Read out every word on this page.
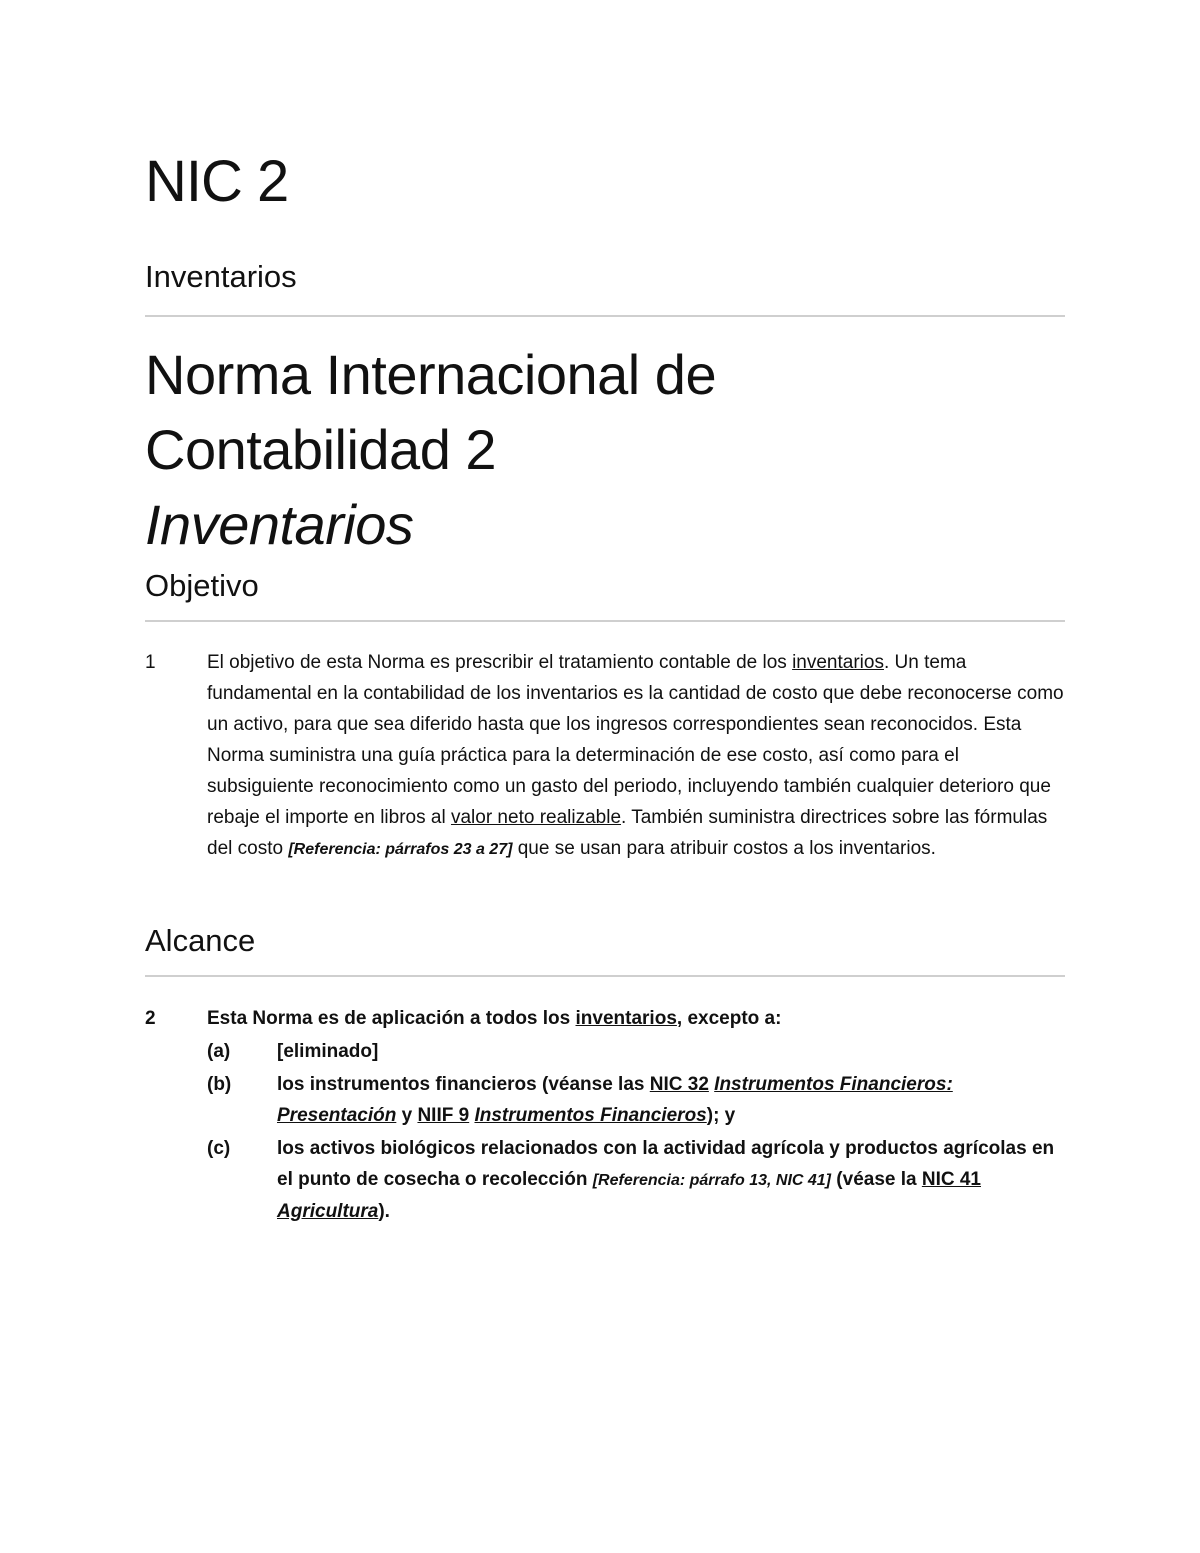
NIC 2
Inventarios
Norma Internacional de
Contabilidad 2
Inventarios
Objetivo
1	El objetivo de esta Norma es prescribir el tratamiento contable de los inventarios. Un tema fundamental en la contabilidad de los inventarios es la cantidad de costo que debe reconocerse como un activo, para que sea diferido hasta que los ingresos correspondientes sean reconocidos. Esta Norma suministra una guía práctica para la determinación de ese costo, así como para el subsiguiente reconocimiento como un gasto del periodo, incluyendo también cualquier deterioro que rebaje el importe en libros al valor neto realizable. También suministra directrices sobre las fórmulas del costo [Referencia: párrafos 23 a 27] que se usan para atribuir costos a los inventarios.

Alcance
2	Esta Norma es de aplicación a todos los inventarios, excepto a:

(a) [eliminado]
(b) los instrumentos financieros (véanse las NIC 32 Instrumentos Financieros: Presentación y NIIF 9 Instrumentos Financieros); y
(c) los activos biológicos relacionados con la actividad agrícola y productos agrícolas en el punto de cosecha o recolección [Referencia: párrafo 13, NIC 41] (véase la NIC 41 Agricultura).
